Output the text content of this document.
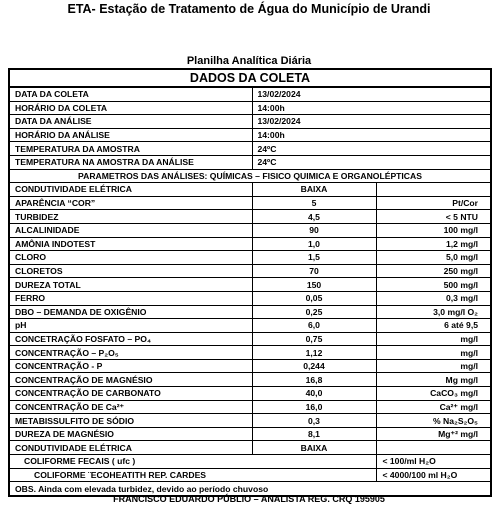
ETA- Estação de Tratamento de Água do Município de Urandi
Planilha Analítica Diária
DADOS DA COLETA		
DATA DA COLETA	13/02/2024	
HORÁRIO DA COLETA	14:00h	
DATA DA ANÁLISE	13/02/2024	
HORÁRIO DA ANÁLISE	14:00h	
TEMPERATURA DA AMOSTRA	24ºC	
TEMPERATURA NA AMOSTRA DA ANÁLISE	24ºC	
PARAMETROS DAS ANÁLISES: QUÍMICAS – FISICO QUIMICA E ORGANOLÉPTICAS		
CONDUTIVIDADE ELÉTRICA	BAIXA	
APARÊNCIA “COR”	5	Pt/Cor
TURBIDEZ	4,5	< 5 NTU
ALCALINIDADE	90	100 mg/l
AMÔNIA INDOTEST	1,0	1,2 mg/l
CLORO	1,5	5,0 mg/l
CLORETOS	70	250 mg/l
DUREZA TOTAL	150	500 mg/l
FERRO	0,05	0,3 mg/l
DBO – DEMANDA DE OXIGÊNIO	0,25	3,0 mg/l O₂
pH	6,0	6 até 9,5
CONCETRAÇÃO FOSFATO – PO₄	0,75	mg/l
CONCENTRAÇÃO – P₂O₅	1,12	mg/l
CONCENTRAÇÃO - P	0,244	mg/l
CONCENTRAÇÃO DE MAGNÉSIO	16,8	Mg mg/l
CONCENTRAÇÃO DE CARBONATO	40,0	CaCO₃ mg/l
CONCENTRAÇÃO DE Ca²⁺	16,0	Ca²⁺ mg/l
METABISSULFITO DE SÓDIO	0,3	% Na₂S₂O₅
DUREZA DE MAGNÉSIO	8,1	Mg⁺² mg/l
CONDUTIVIDADE ELÉTRICA	BAIXA	
COLIFORME FECAIS ( ufc )		< 100/ml H₂O
COLIFORME ¨ECOHEATITH REP. CARDES		< 4000/100 ml H₂O
OBS. Ainda com elevada turbidez, devido ao período chuvoso		
FRANCISCO EDUARDO PÚBLIO – ANALISTA REG. CRQ 195905
